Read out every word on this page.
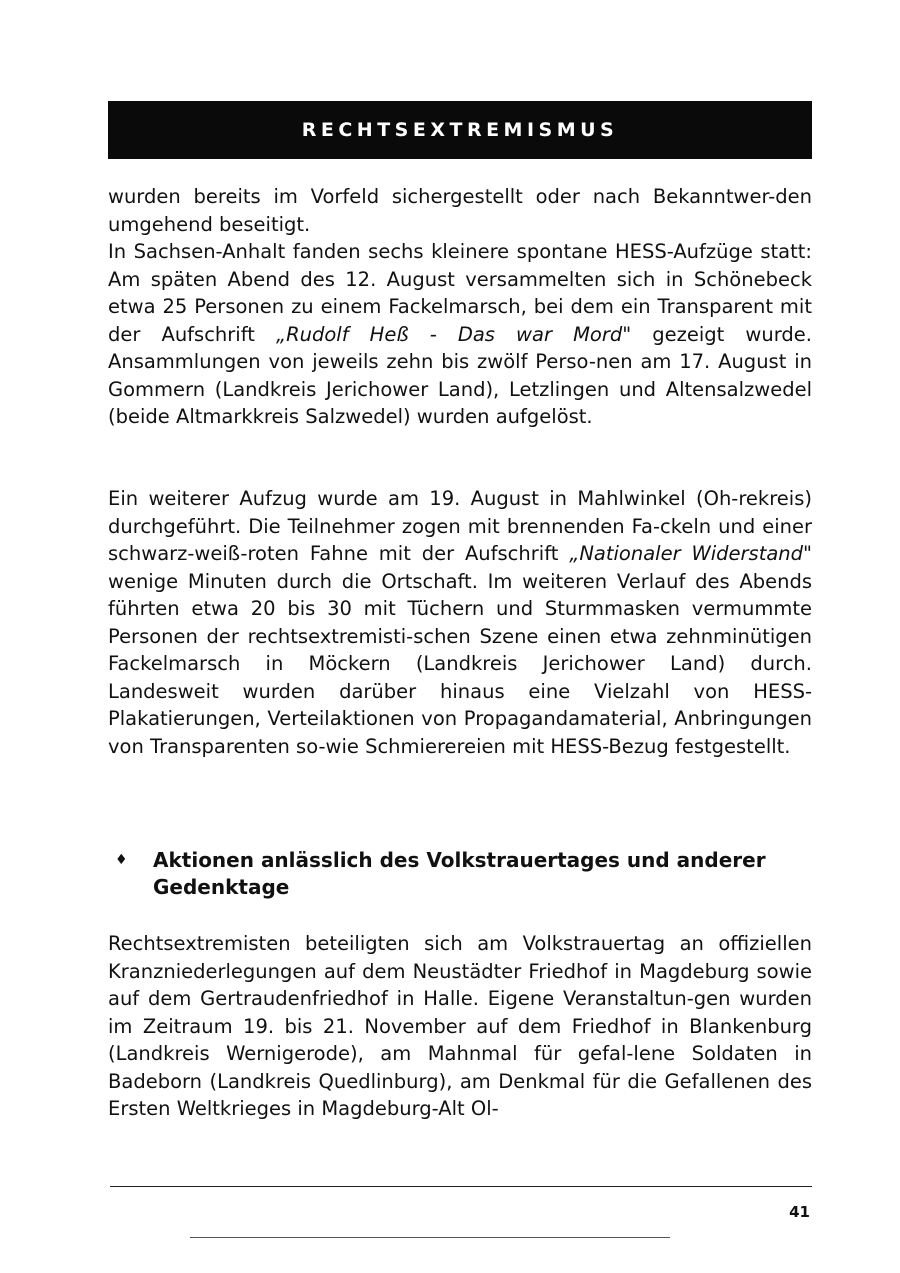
RECHTSEXTREMISMUS

wurden bereits im Vorfeld sichergestellt oder nach Bekanntwer-den umgehend beseitigt.

In Sachsen-Anhalt fanden sechs kleinere spontane HESS-Aufzüge statt: Am späten Abend des 12. August versammelten sich in Schönebeck etwa 25 Personen zu einem Fackelmarsch, bei dem ein Transparent mit der Aufschrift „Rudolf Heß - Das war Mord" gezeigt wurde. Ansammlungen von jeweils zehn bis zwölf Perso-nen am 17. August in Gommern (Landkreis Jerichower Land), Letzlingen und Altensalzwedel (beide Altmarkkreis Salzwedel) wurden aufgelöst.

Ein weiterer Aufzug wurde am 19. August in Mahlwinkel (Oh-rekreis) durchgeführt. Die Teilnehmer zogen mit brennenden Fa-ckeln und einer schwarz-weiß-roten Fahne mit der Aufschrift „Nationaler Widerstand" wenige Minuten durch die Ortschaft. Im weiteren Verlauf des Abends führten etwa 20 bis 30 mit Tüchern und Sturmmasken vermummte Personen der rechtsextremisti-schen Szene einen etwa zehnminütigen Fackelmarsch in Möckern (Landkreis Jerichower Land) durch. Landesweit wurden darüber hinaus eine Vielzahl von HESS-Plakatierungen, Verteilaktionen von Propagandamaterial, Anbringungen von Transparenten so-wie Schmierereien mit HESS-Bezug festgestellt.

♦	Aktionen anlässlich des Volkstrauertages und anderer Gedenktage

Rechtsextremisten beteiligten sich am Volkstrauertag an offiziellen Kranzniederlegungen auf dem Neustädter Friedhof in Magdeburg sowie auf dem Gertraudenfriedhof in Halle. Eigene Veranstaltun-gen wurden im Zeitraum 19. bis 21. November auf dem Friedhof in Blankenburg (Landkreis Wernigerode), am Mahnmal für gefal-lene Soldaten in Badeborn (Landkreis Quedlinburg), am Denkmal für die Gefallenen des Ersten Weltkrieges in Magdeburg-Alt Ol-

41
